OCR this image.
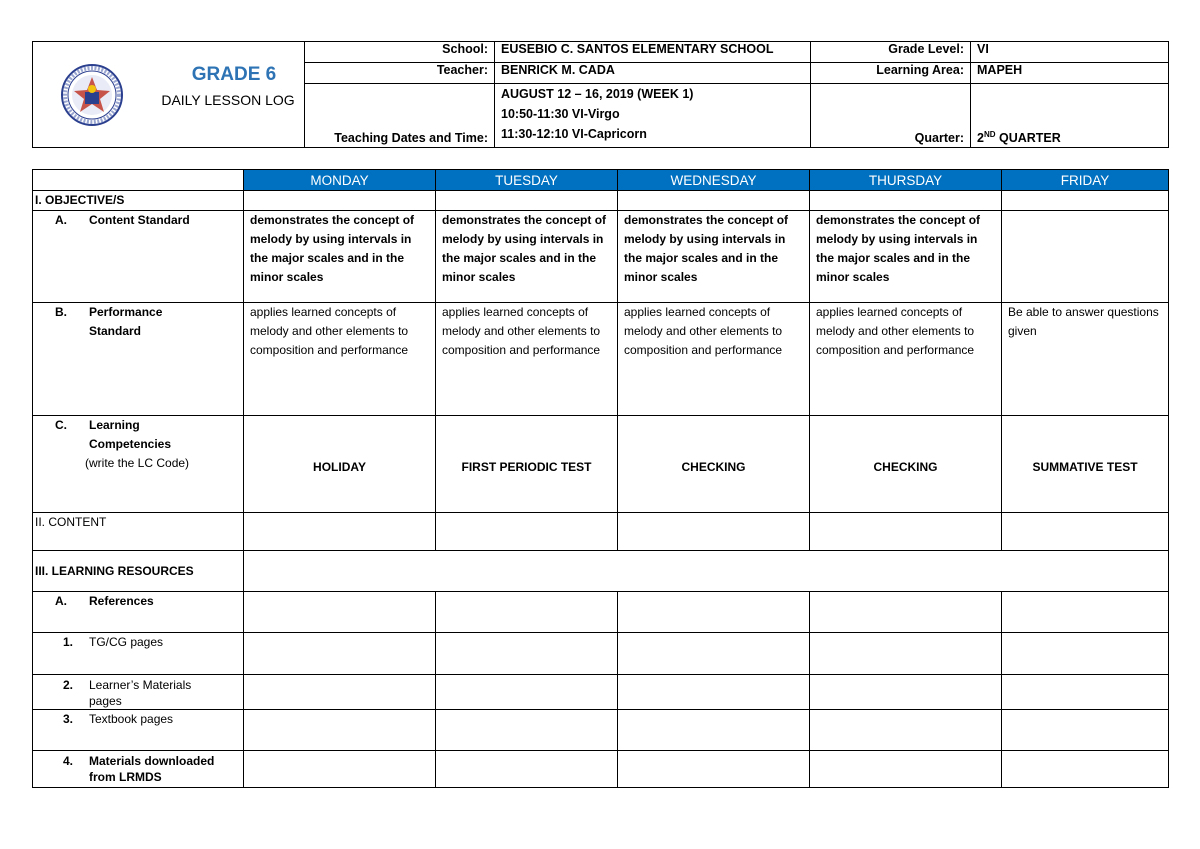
GRADE 6
DAILY LESSON LOG	School:	EUSEBIO C. SANTOS ELEMENTARY SCHOOL	Grade Level:	VI
	Teacher:	BENRICK M. CADA	Learning Area:	MAPEH
	Teaching Dates and Time:	AUGUST 12 – 16, 2019 (WEEK 1)
10:50-11:30 VI-Virgo
11:30-12:10 VI-Capricorn	Quarter:	2ND QUARTER
	MONDAY	TUESDAY	WEDNESDAY	THURSDAY	FRIDAY
I. OBJECTIVE/S					
A. Content Standard	demonstrates the concept of melody by using intervals in the major scales and in the minor scales	demonstrates the concept of melody by using intervals in the major scales and in the minor scales	demonstrates the concept of melody by using intervals in the major scales and in the minor scales	demonstrates the concept of melody by using intervals in the major scales and in the minor scales	
B. Performance
Standard	applies learned concepts of melody and other elements to composition and performance	applies learned concepts of melody and other elements to composition and performance	applies learned concepts of melody and other elements to composition and performance	applies learned concepts of melody and other elements to composition and performance	Be able to answer questions given
C. Learning
Competencies
(write the LC Code)	HOLIDAY	FIRST PERIODIC TEST	CHECKING	CHECKING	SUMMATIVE TEST
II. CONTENT					
III. LEARNING RESOURCES					
A. References					
1. TG/CG pages					
2. Learner’s Materials
pages					
3. Textbook pages					
4. Materials downloaded
from LRMDS					
